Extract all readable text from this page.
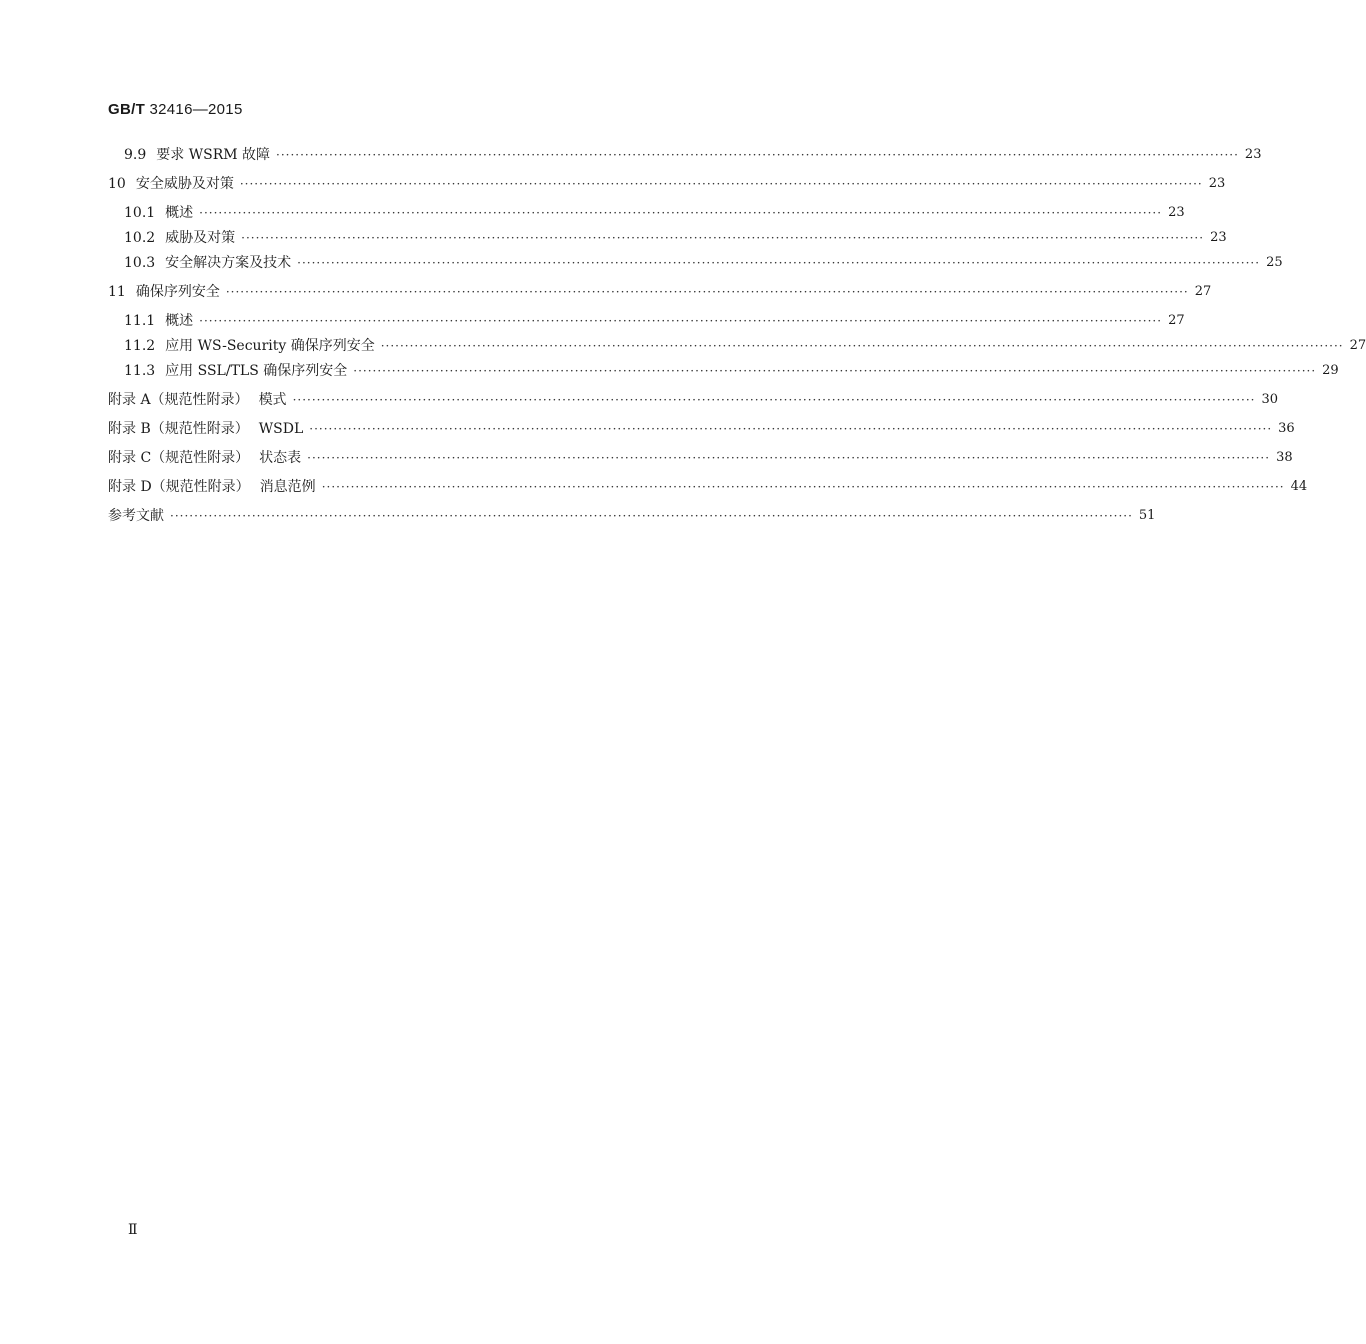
GB/T 32416—2015
9.9 要求 WSRM 故障 ········································································································································································································ 23
10 安全威胁及对策 ········································································································································································································ 23
10.1 概述 ········································································································································································································ 23
10.2 威胁及对策 ········································································································································································································ 23
10.3 安全解决方案及技术 ········································································································································································································ 25
11 确保序列安全 ········································································································································································································ 27
11.1 概述 ········································································································································································································ 27
11.2 应用 WS-Security 确保序列安全 ········································································································································································································ 27
11.3 应用 SSL/TLS 确保序列安全 ········································································································································································································ 29
附录 A（规范性附录） 模式 ········································································································································································································ 30
附录 B（规范性附录） WSDL ········································································································································································································ 36
附录 C（规范性附录） 状态表 ········································································································································································································ 38
附录 D（规范性附录） 消息范例 ········································································································································································································ 44
参考文献 ········································································································································································································ 51
Ⅱ
